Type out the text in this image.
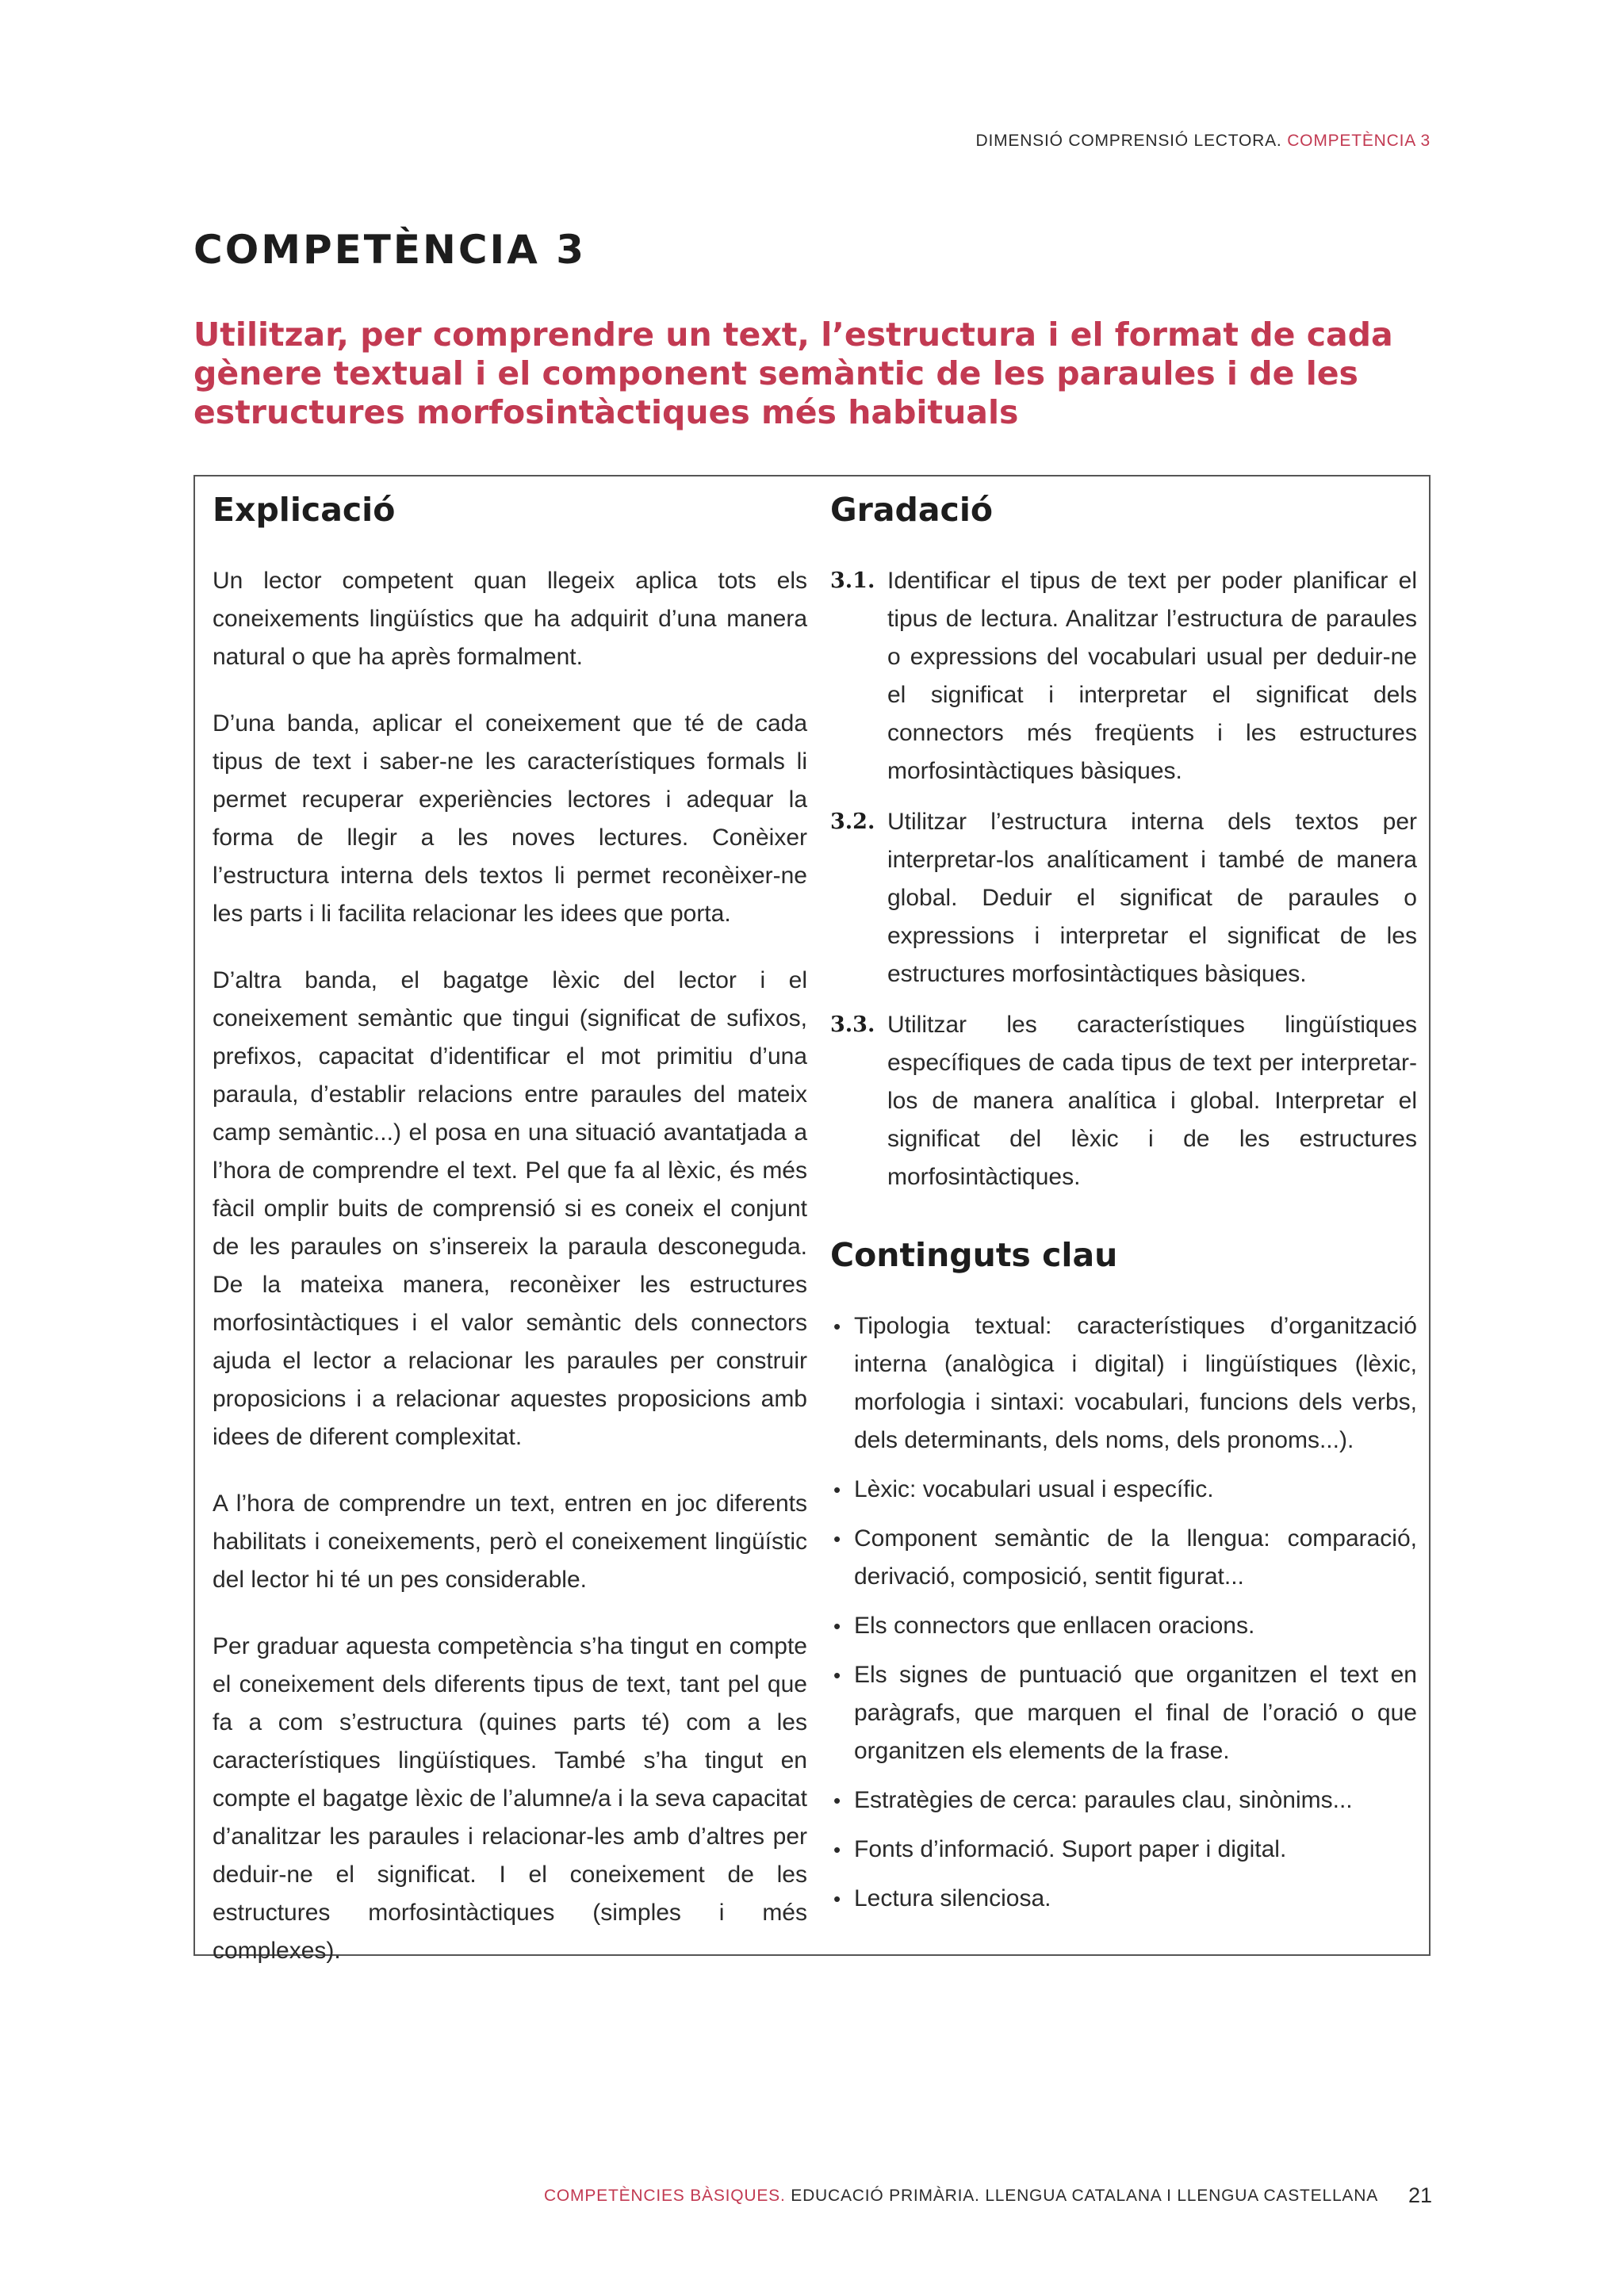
DIMENSIÓ COMPRENSIÓ LECTORA. COMPETÈNCIA 3
COMPETÈNCIA 3
Utilitzar, per comprendre un text, l’estructura i el format de cada gènere textual i el component semàntic de les paraules i de les estructures morfosintàctiques més habituals
Explicació

Un lector competent quan llegeix aplica tots els coneixements lingüístics que ha adquirit d’una manera natural o que ha après formalment.

D’una banda, aplicar el coneixement que té de cada tipus de text i saber-ne les característiques formals li permet recuperar experiències lectores i adequar la forma de llegir a les noves lectures. Conèixer l’estructura interna dels textos li permet reconèixer-ne les parts i li facilita relacionar les idees que porta.

D’altra banda, el bagatge lèxic del lector i el coneixement semàntic que tingui (significat de sufixos, prefixos, capacitat d’identificar el mot primitiu d’una paraula, d’establir relacions entre paraules del mateix camp semàntic...) el posa en una situació avantatjada a l’hora de comprendre el text. Pel que fa al lèxic, és més fàcil omplir buits de comprensió si es coneix el conjunt de les paraules on s’insereix la paraula desconeguda. De la mateixa manera, reconèixer les estructures morfosintàctiques i el valor semàntic dels connectors ajuda el lector a relacionar les paraules per construir proposicions i a relacionar aquestes proposicions amb idees de diferent complexitat.

A l’hora de comprendre un text, entren en joc diferents habilitats i coneixements, però el coneixement lingüístic del lector hi té un pes considerable.

Per graduar aquesta competència s’ha tingut en compte el coneixement dels diferents tipus de text, tant pel que fa a com s’estructura (quines parts té) com a les característiques lingüístiques. També s’ha tingut en compte el bagatge lèxic de l’alumne/a i la seva capacitat d’analitzar les paraules i relacionar-les amb d’altres per deduir-ne el significat. I el coneixement de les estructures morfosintàctiques (simples i més complexes).

Gradació
3.1. Identificar el tipus de text per poder planificar el tipus de lectura. Analitzar l’estructura de paraules o expressions del vocabulari usual per deduir-ne el significat i interpretar el significat dels connectors més freqüents i les estructures morfosintàctiques bàsiques.
3.2. Utilitzar l’estructura interna dels textos per interpretar-los analíticament i també de manera global. Deduir el significat de paraules o expressions i interpretar el significat de les estructures morfosintàctiques bàsiques.
3.3. Utilitzar les característiques lingüístiques específiques de cada tipus de text per interpretar-los de manera analítica i global. Interpretar el significat del lèxic i de les estructures morfosintàctiques.
Continguts clau
• Tipologia textual: característiques d’organització interna (analògica i digital) i lingüístiques (lèxic, morfologia i sintaxi: vocabulari, funcions dels verbs, dels determinants, dels noms, dels pronoms...).
• Lèxic: vocabulari usual i específic.
• Component semàntic de la llengua: comparació, derivació, composició, sentit figurat...
• Els connectors que enllacen oracions.
• Els signes de puntuació que organitzen el text en paràgrafs, que marquen el final de l’oració o que organitzen els elements de la frase.
• Estratègies de cerca: paraules clau, sinònims...
• Fonts d’informació. Suport paper i digital.
• Lectura silenciosa.
COMPETÈNCIES BÀSIQUES. EDUCACIÓ PRIMÀRIA. LLENGUA CATALANA I LLENGUA CASTELLANA 21
